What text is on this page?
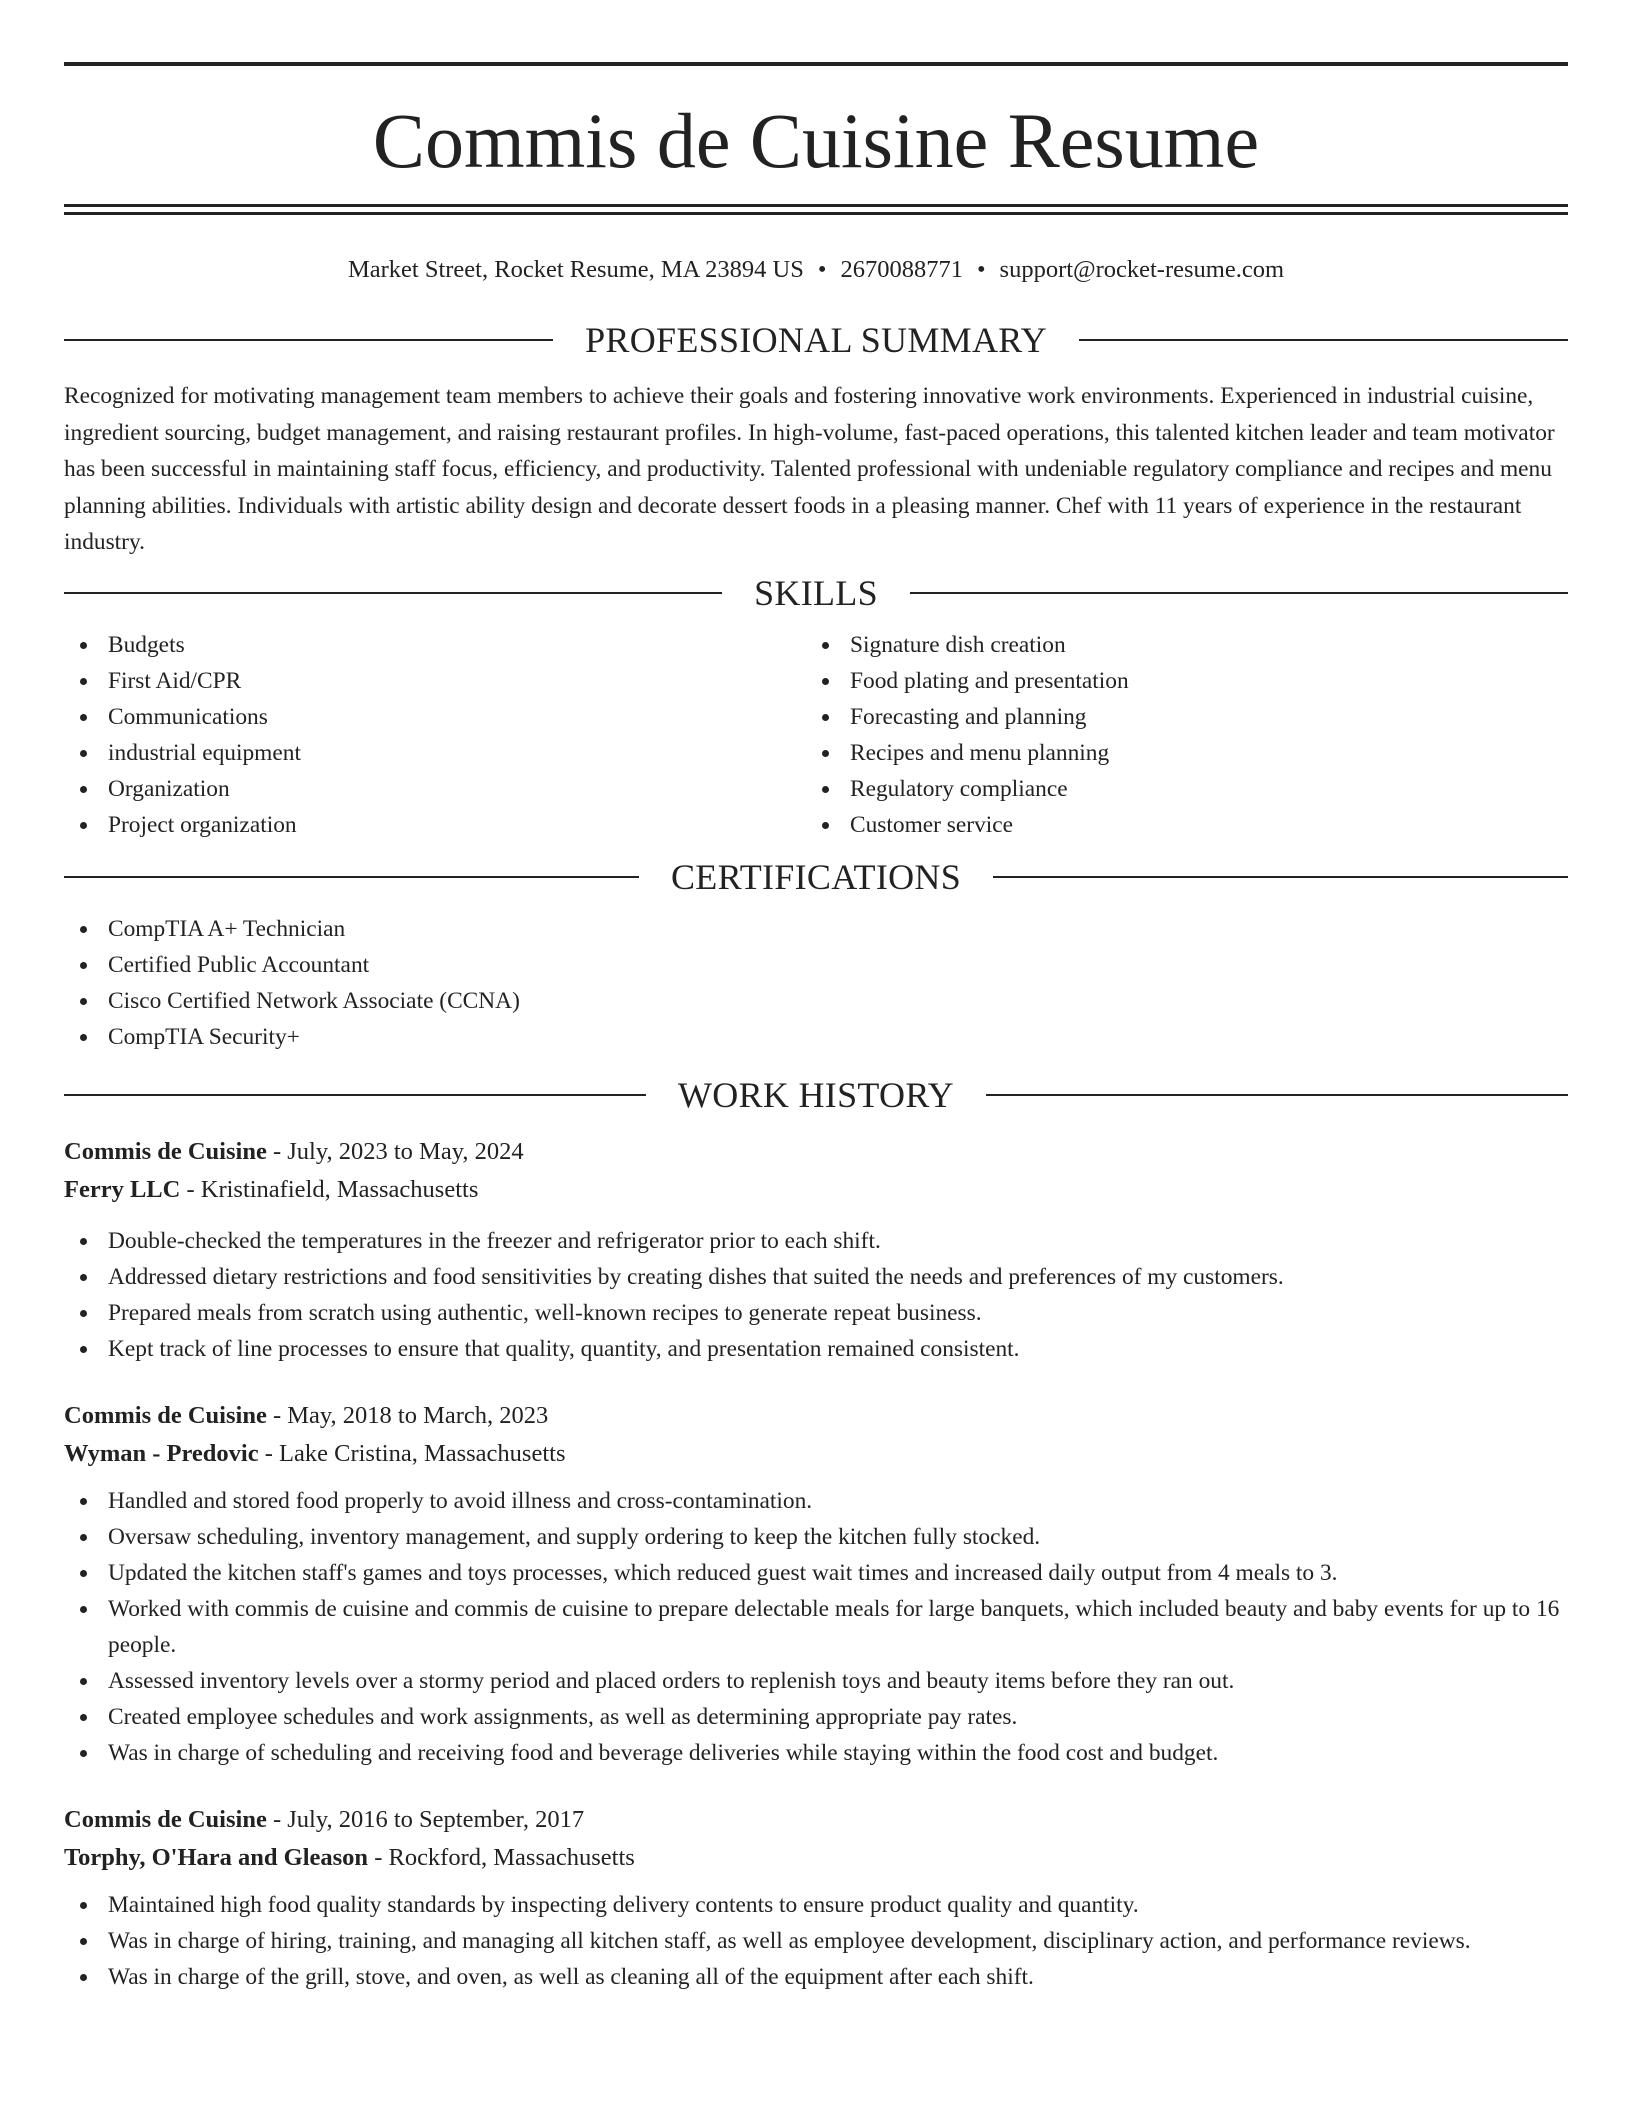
Commis de Cuisine Resume
Market Street, Rocket Resume, MA 23894 US • 2670088771 • support@rocket-resume.com
PROFESSIONAL SUMMARY

Recognized for motivating management team members to achieve their goals and fostering innovative work environments. Experienced in industrial cuisine, ingredient sourcing, budget management, and raising restaurant profiles. In high-volume, fast-paced operations, this talented kitchen leader and team motivator has been successful in maintaining staff focus, efficiency, and productivity. Talented professional with undeniable regulatory compliance and recipes and menu planning abilities. Individuals with artistic ability design and decorate dessert foods in a pleasing manner. Chef with 11 years of experience in the restaurant industry.

SKILLS
Budgets
First Aid/CPR
Communications
industrial equipment
Organization
Project organization
Signature dish creation
Food plating and presentation
Forecasting and planning
Recipes and menu planning
Regulatory compliance
Customer service
CERTIFICATIONS
CompTIA A+ Technician
Certified Public Accountant
Cisco Certified Network Associate (CCNA)
CompTIA Security+
WORK HISTORY
Commis de Cuisine - July, 2023 to May, 2024
Ferry LLC - Kristinafield, Massachusetts
Double-checked the temperatures in the freezer and refrigerator prior to each shift.
Addressed dietary restrictions and food sensitivities by creating dishes that suited the needs and preferences of my customers.
Prepared meals from scratch using authentic, well-known recipes to generate repeat business.
Kept track of line processes to ensure that quality, quantity, and presentation remained consistent.
Commis de Cuisine - May, 2018 to March, 2023
Wyman - Predovic - Lake Cristina, Massachusetts
Handled and stored food properly to avoid illness and cross-contamination.
Oversaw scheduling, inventory management, and supply ordering to keep the kitchen fully stocked.
Updated the kitchen staff's games and toys processes, which reduced guest wait times and increased daily output from 4 meals to 3.
Worked with commis de cuisine and commis de cuisine to prepare delectable meals for large banquets, which included beauty and baby events for up to 16 people.
Assessed inventory levels over a stormy period and placed orders to replenish toys and beauty items before they ran out.
Created employee schedules and work assignments, as well as determining appropriate pay rates.
Was in charge of scheduling and receiving food and beverage deliveries while staying within the food cost and budget.
Commis de Cuisine - July, 2016 to September, 2017
Torphy, O'Hara and Gleason - Rockford, Massachusetts
Maintained high food quality standards by inspecting delivery contents to ensure product quality and quantity.
Was in charge of hiring, training, and managing all kitchen staff, as well as employee development, disciplinary action, and performance reviews.
Was in charge of the grill, stove, and oven, as well as cleaning all of the equipment after each shift.
